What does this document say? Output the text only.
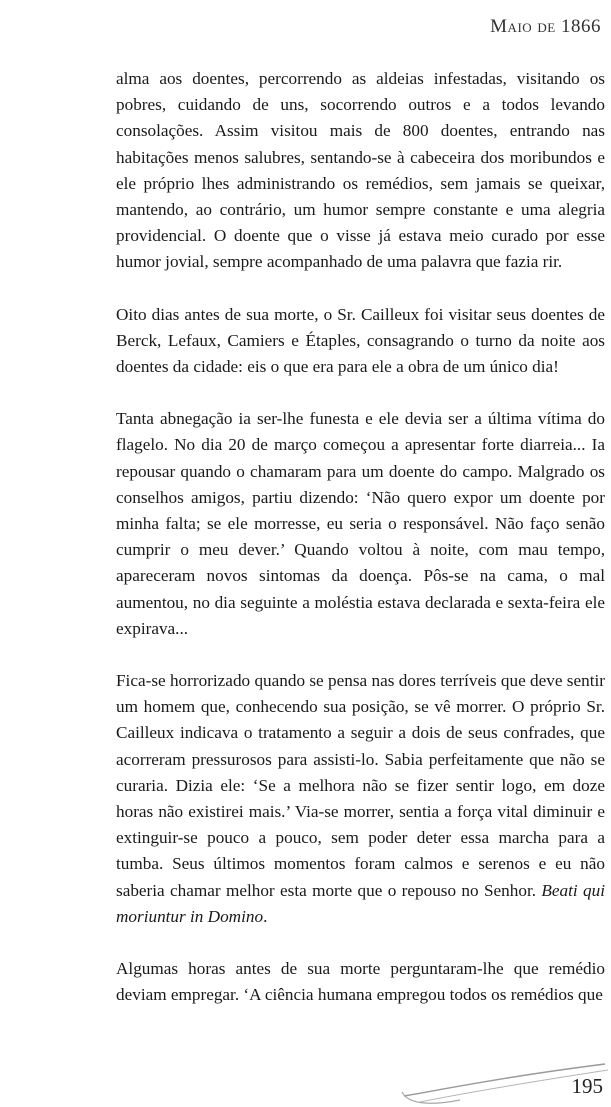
Maio de 1866

alma aos doentes, percorrendo as aldeias infestadas, visitando os pobres, cuidando de uns, socorrendo outros e a todos levando consolações. Assim visitou mais de 800 doentes, entrando nas habitações menos salubres, sentando-se à cabeceira dos moribundos e ele próprio lhes administrando os remédios, sem jamais se queixar, mantendo, ao contrário, um humor sempre constante e uma alegria providencial. O doente que o visse já estava meio curado por esse humor jovial, sempre acompanhado de uma palavra que fazia rir.

Oito dias antes de sua morte, o Sr. Cailleux foi visitar seus doentes de Berck, Lefaux, Camiers e Étaples, consagrando o turno da noite aos doentes da cidade: eis o que era para ele a obra de um único dia!

Tanta abnegação ia ser-lhe funesta e ele devia ser a última vítima do flagelo. No dia 20 de março começou a apresentar forte diarreia... Ia repousar quando o chamaram para um doente do campo. Malgrado os conselhos amigos, partiu dizendo: ‘Não quero expor um doente por minha falta; se ele morresse, eu seria o responsável. Não faço senão cumprir o meu dever.’ Quando voltou à noite, com mau tempo, apareceram novos sintomas da doença. Pôs-se na cama, o mal aumentou, no dia seguinte a moléstia estava declarada e sexta-feira ele expirava...

Fica-se horrorizado quando se pensa nas dores terríveis que deve sentir um homem que, conhecendo sua posição, se vê morrer. O próprio Sr. Cailleux indicava o tratamento a seguir a dois de seus confrades, que acorreram pressurosos para assisti-lo. Sabia perfeitamente que não se curaria. Dizia ele: ‘Se a melhora não se fizer sentir logo, em doze horas não existirei mais.’ Via-se morrer, sentia a força vital diminuir e extinguir-se pouco a pouco, sem poder deter essa marcha para a tumba. Seus últimos momentos foram calmos e serenos e eu não saberia chamar melhor esta morte que o repouso no Senhor. Beati qui moriuntur in Domino.

Algumas horas antes de sua morte perguntaram-lhe que remédio deviam empregar. ‘A ciência humana empregou todos os remédios que

195
